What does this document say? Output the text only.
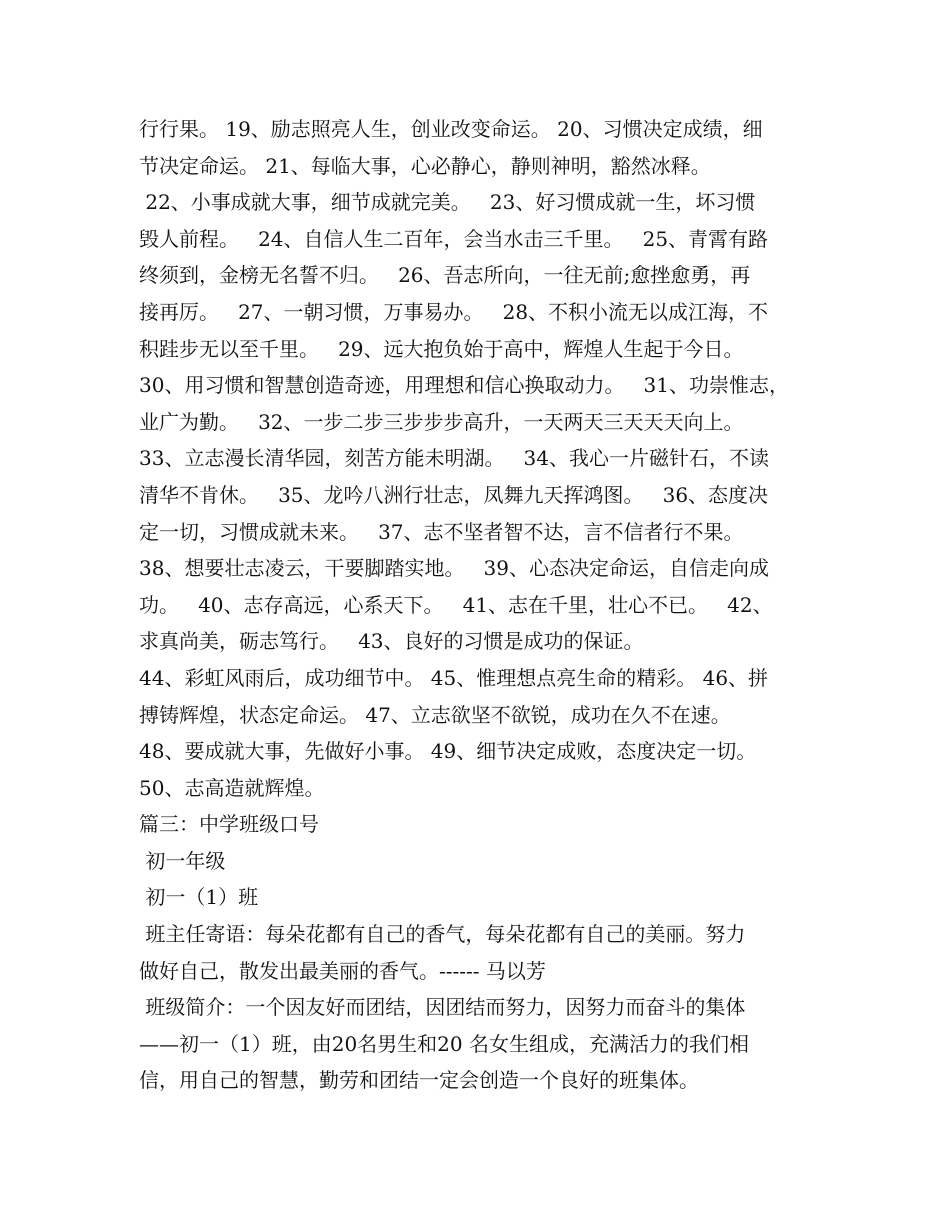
行行果。 19、励志照亮人生，创业改变命运。 20、习惯决定成绩，细
节决定命运。 21、每临大事，心必静心，静则神明，豁然冰释。
22、小事成就大事，细节成就完美。   23、好习惯成就一生，坏习惯
毁人前程。   24、自信人生二百年，会当水击三千里。   25、青霄有路
终须到，金榜无名誓不归。   26、吾志所向，一往无前;愈挫愈勇，再
接再厉。   27、一朝习惯，万事易办。   28、不积小流无以成江海，不
积跬步无以至千里。   29、远大抱负始于高中，辉煌人生起于今日。
30、用习惯和智慧创造奇迹，用理想和信心换取动力。   31、功崇惟志，
业广为勤。   32、一步二步三步步步高升，一天两天三天天天向上。
33、立志漫长清华园，刻苦方能未明湖。   34、我心一片磁针石，不读
清华不肯休。   35、龙吟八洲行壮志，凤舞九天挥鸿图。   36、态度决
定一切，习惯成就未来。   37、志不坚者智不达，言不信者行不果。
38、想要壮志凌云，干要脚踏实地。   39、心态决定命运，自信走向成
功。   40、志存高远，心系天下。   41、志在千里，壮心不已。   42、
求真尚美，砺志笃行。   43、良好的习惯是成功的保证。
44、彩虹风雨后，成功细节中。 45、惟理想点亮生命的精彩。 46、拼
搏铸辉煌，状态定命运。 47、立志欲坚不欲锐，成功在久不在速。
48、要成就大事，先做好小事。 49、细节决定成败，态度决定一切。
50、志高造就辉煌。
篇三：中学班级口号
初一年级
初一（1）班
班主任寄语：每朵花都有自己的香气，每朵花都有自己的美丽。努力
做好自己，散发出最美丽的香气。------ 马以芳
班级简介：一个因友好而团结，因团结而努力，因努力而奋斗的集体
——初一（1）班，由20名男生和20 名女生组成，充满活力的我们相
信，用自己的智慧，勤劳和团结一定会创造一个良好的班集体。
